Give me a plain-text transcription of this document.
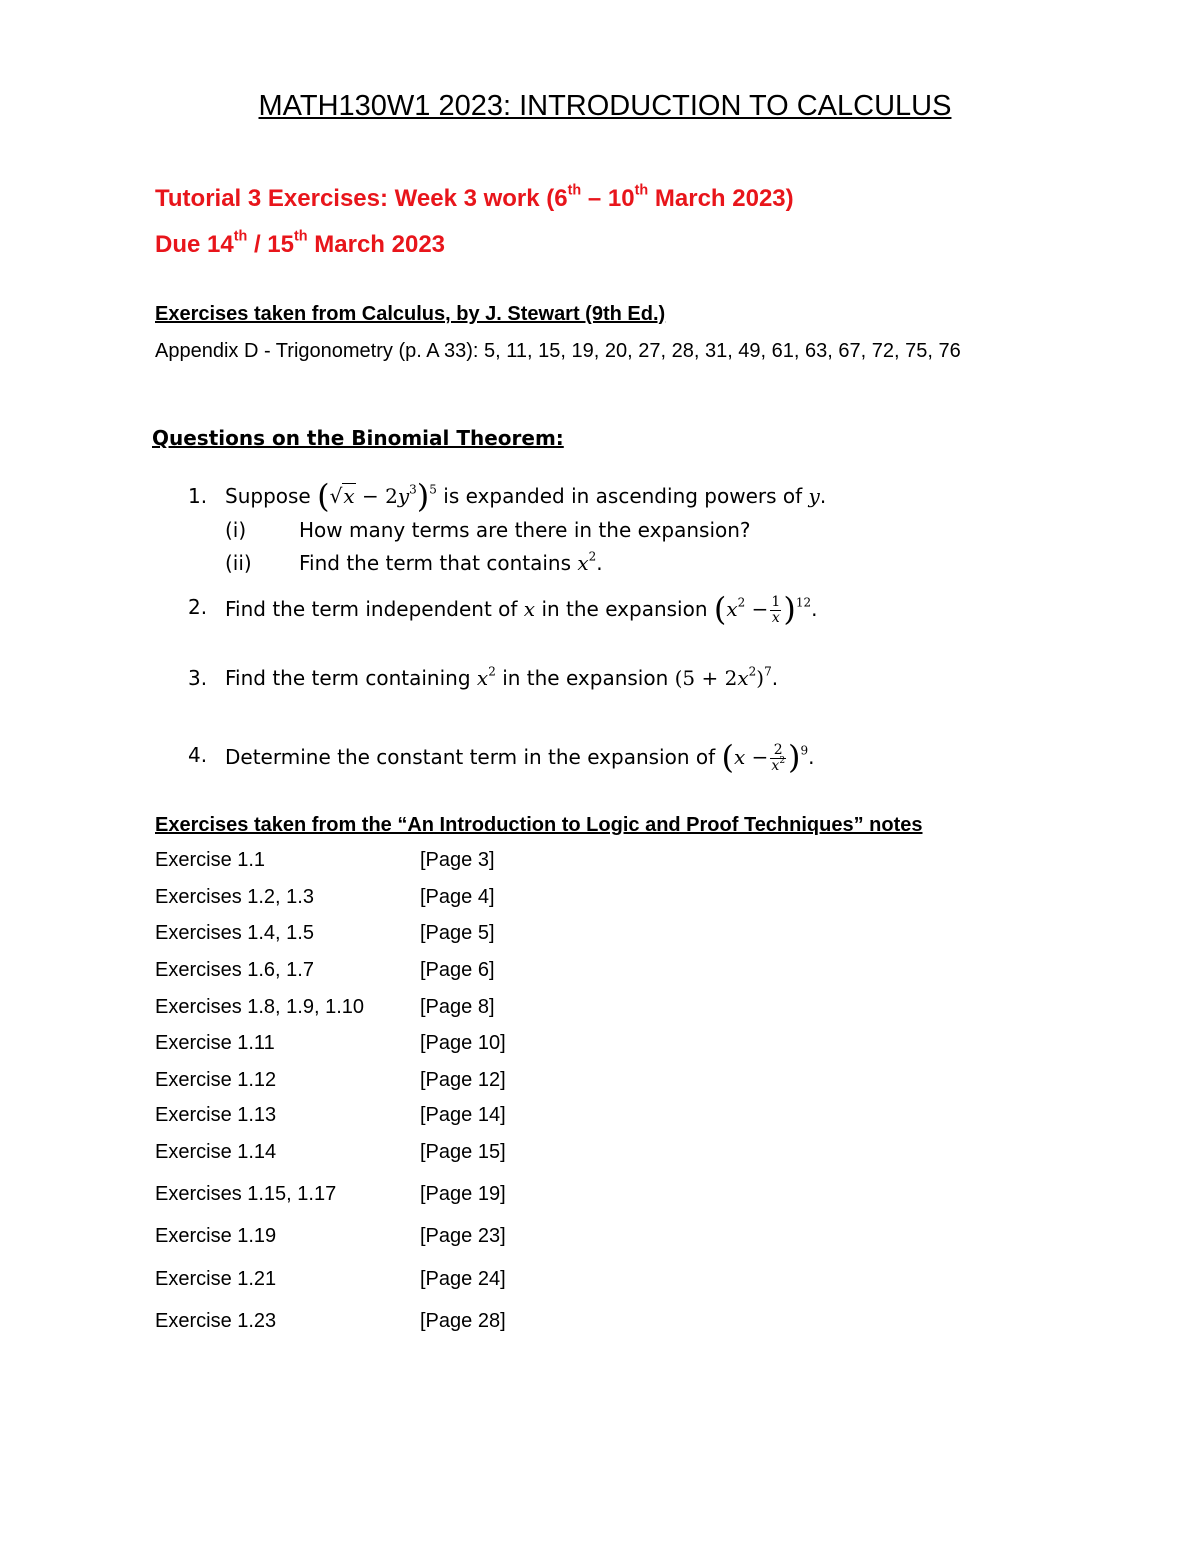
MATH130W1 2023: INTRODUCTION TO CALCULUS
Tutorial 3 Exercises: Week 3 work (6th – 10th March 2023)
Due 14th / 15th March 2023
Exercises taken from Calculus, by J. Stewart (9th Ed.)
Appendix D - Trigonometry (p. A 33): 5, 11, 15, 19, 20, 27, 28, 31, 49, 61, 63, 67, 72, 75, 76
Questions on the Binomial Theorem:
1. Suppose $(√x - 2y^3)^5$ is expanded in ascending powers of y.
(i)	How many terms are there in the expansion?
(ii) Find the term that contains $x^2$.
2. Find the term independent of x in the expansion $(x^2 - \frac{1}{x} )^{12}$.
3. Find the term containing $x^2$ in the expansion $(5 + 2x^2)^7$.
4. Determine the constant term in the expansion of $(x - \frac{2}{x^2} )^9$.
Exercises taken from the “An Introduction to Logic and Proof Techniques” notes
Exercise 1.1	[Page 3]
Exercises 1.2, 1.3	[Page 4]
Exercises 1.4, 1.5	[Page 5]
Exercises 1.6, 1.7	[Page 6]
Exercises 1.8, 1.9, 1.10	[Page 8]
Exercise 1.11	[Page 10]
Exercise 1.12	[Page 12]
Exercise 1.13	[Page 14]
Exercise 1.14	[Page 15]
Exercises 1.15, 1.17	[Page 19]
Exercise 1.19	[Page 23]
Exercise 1.21	[Page 24]
Exercise 1.23	[Page 28]
